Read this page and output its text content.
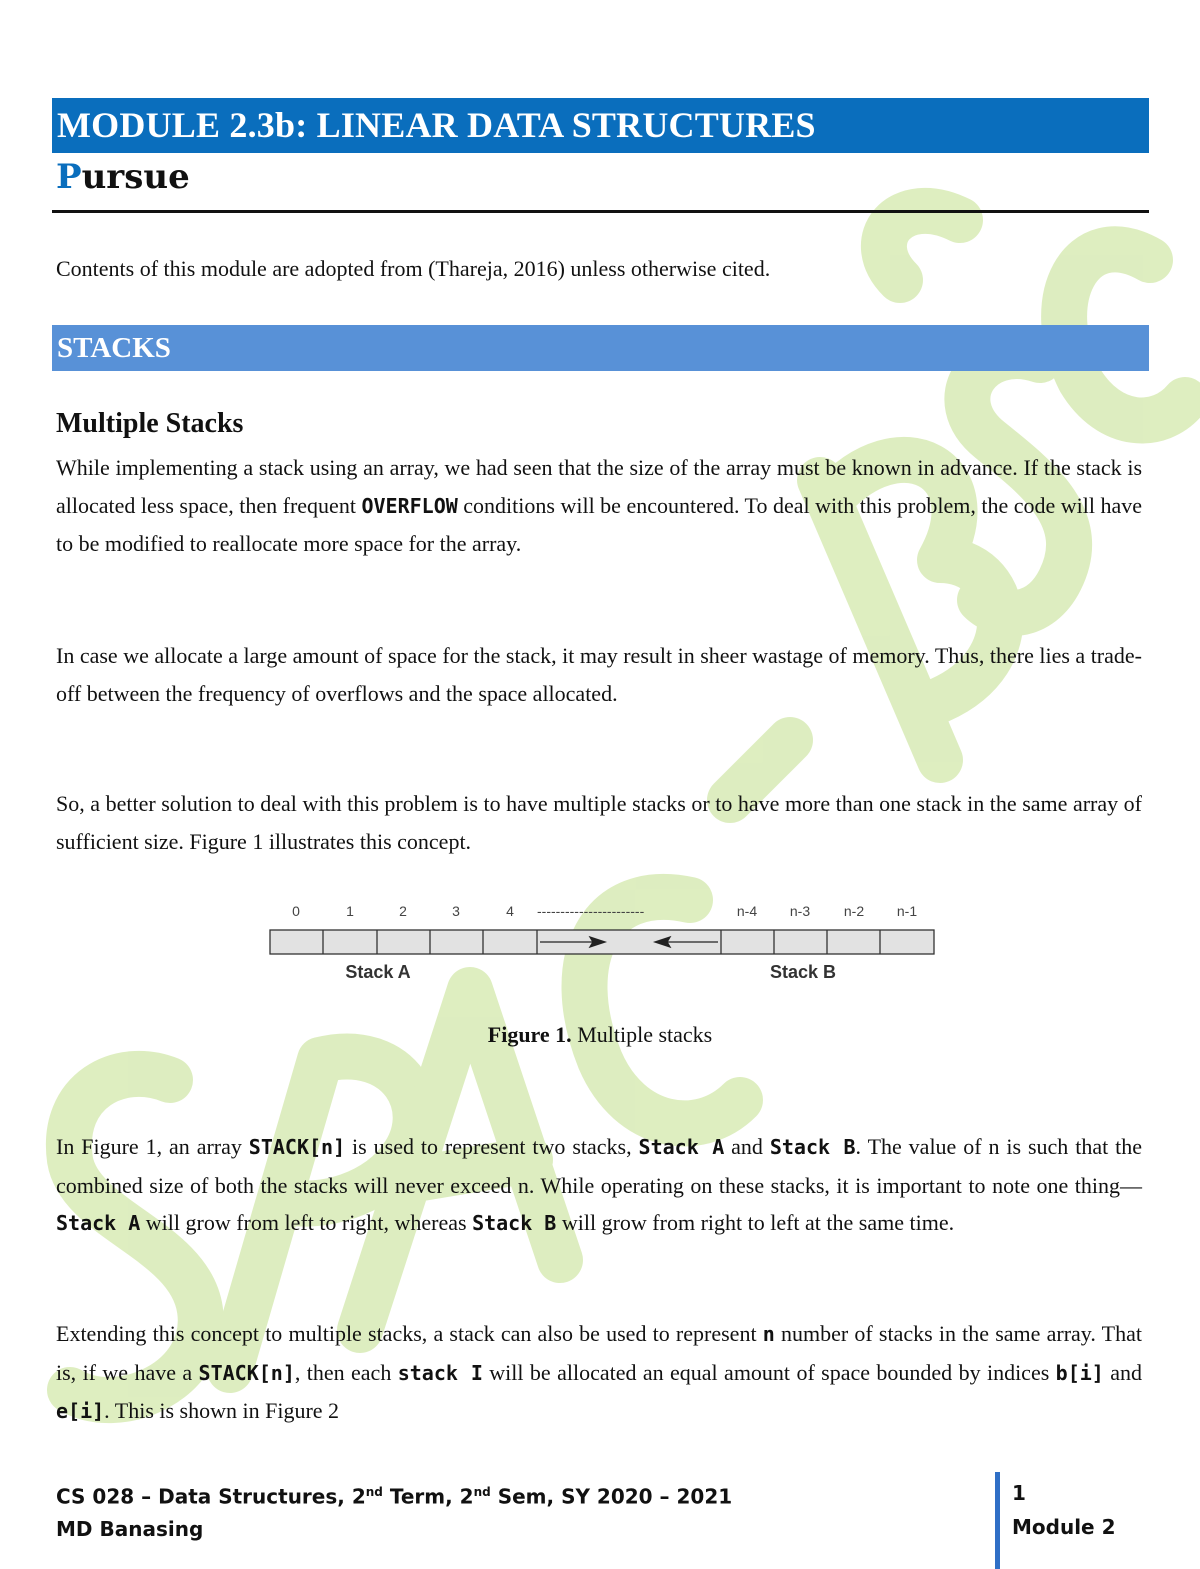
MODULE 2.3b: LINEAR DATA STRUCTURES
Pursue

Contents of this module are adopted from (Thareja, 2016) unless otherwise cited.

STACKS
Multiple Stacks

While implementing a stack using an array, we had seen that the size of the array must be known in advance. If the stack is allocated less space, then frequent OVERFLOW conditions will be encountered. To deal with this problem, the code will have to be modified to reallocate more space for the array.

In case we allocate a large amount of space for the stack, it may result in sheer wastage of memory. Thus, there lies a trade-off between the frequency of overflows and the space allocated.

So, a better solution to deal with this problem is to have multiple stacks or to have more than one stack in the same array of sufficient size. Figure 1 illustrates this concept.

0	1	2	3	4 -----------------------	n-4 n-3 n-2 n-1
Stack A	Stack B
Figure 1. Multiple stacks

In Figure 1, an array STACK[n] is used to represent two stacks, Stack A and Stack B. The value of n is such that the combined size of both the stacks will never exceed n. While operating on these stacks, it is important to note one thing—Stack A will grow from left to right, whereas Stack B will grow from right to left at the same time.

Extending this concept to multiple stacks, a stack can also be used to represent n number of stacks in the same array. That is, if we have a STACK[n], then each stack I will be allocated an equal amount of space bounded by indices b[i] and e[i]. This is shown in Figure 2

CS 028 – Data Structures, 2nd Term, 2nd Sem, SY 2020 – 2021
MD Banasing
1
Module 2
